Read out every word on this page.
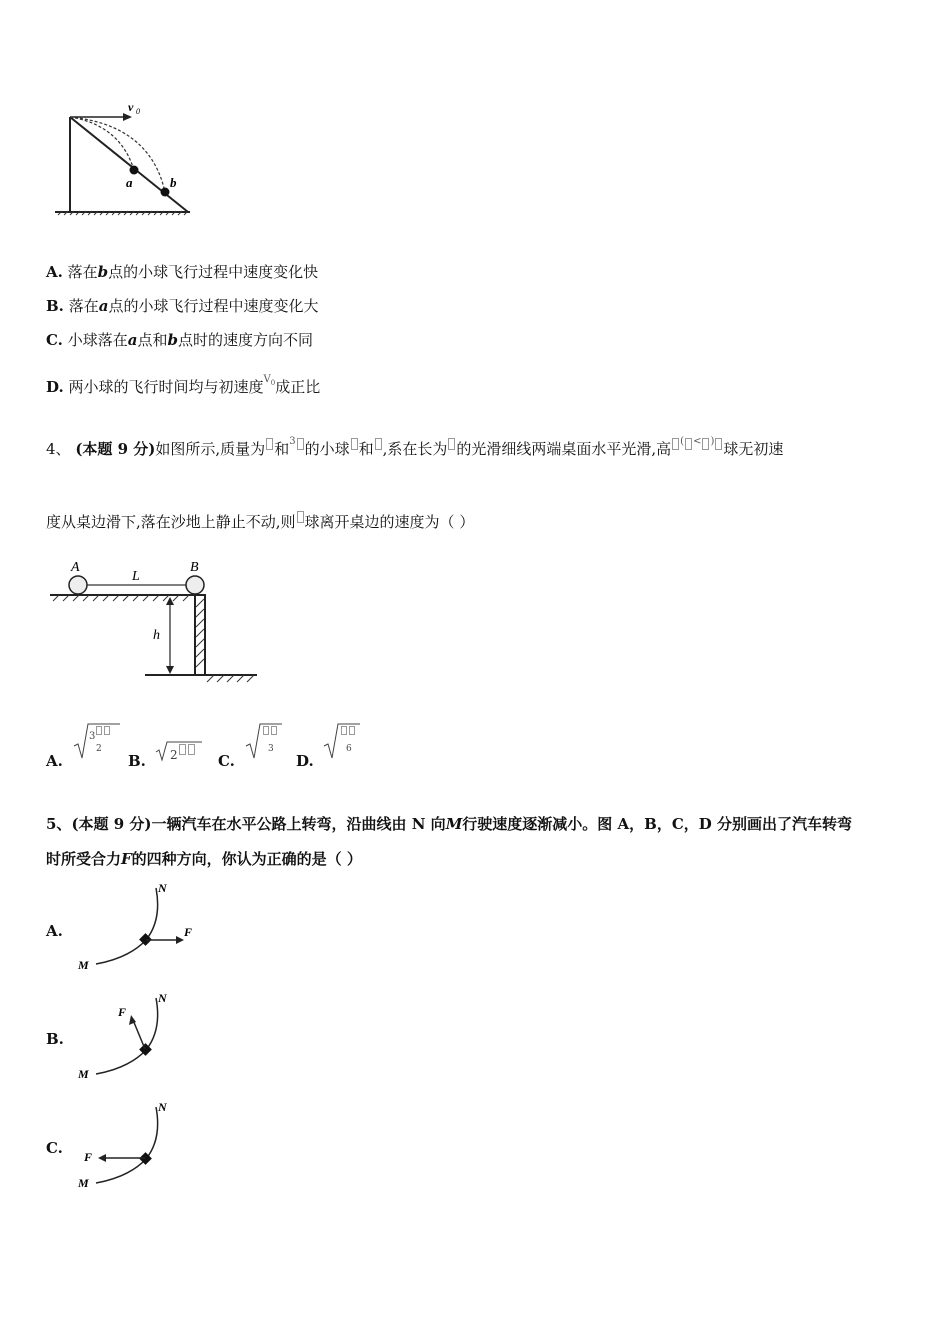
v 0
a	b
A. 落在b点的小球飞行过程中速度变化快
B. 落在a点的小球飞行过程中速度变化大
C. 小球落在a点和b点时的速度方向不同
D. 两小球的飞行时间均与初速度$^{V0}$成正比
4、 (本题 9 分)如图所示,质量为 和$^3$ 的小球 和 ,系在长为 的光滑细线两端桌面水平光滑,高 ( < ) 球无初速
度从桌边滑下,落在沙地上静止不动,则 球离开桌边的速度为（ ）
A	B
L
h
A.
3
2
B. 2	C.
3
D.
6
5、(本题 9 分)一辆汽车在水平公路上转弯，沿曲线由 N 向M行驶速度逐渐减小。图 A，B，C，D 分别画出了汽车转弯
时所受合力F的四种方向，你认为正确的是（ ）
A.
N
M
F
B.
N
M
F
C.
N
M
F
